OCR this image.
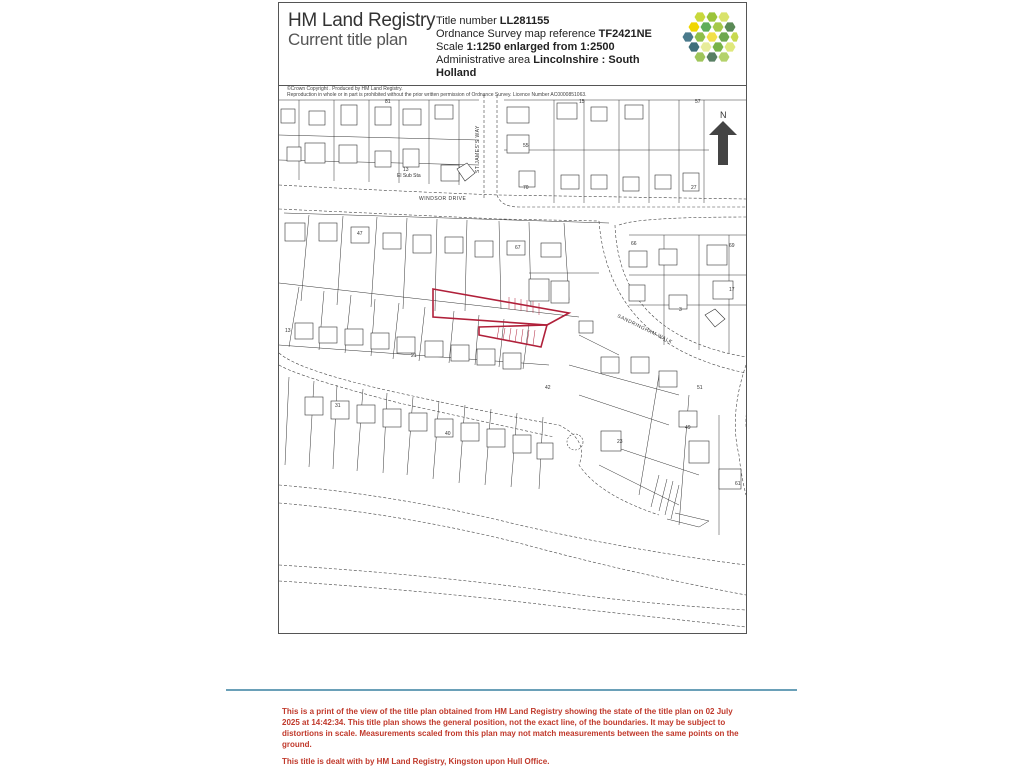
HM Land Registry
Current title plan
Title number LL281155
Ordnance Survey map reference TF2421NE
Scale 1:1250 enlarged from 1:2500
Administrative area Lincolnshire : South Holland
©Crown Copyright . Produced by HM Land Registry.
Reproduction in whole or in part is prohibited without the prior written permission of Ordnance Survey. Licence Number AC0000851063.
WINDSOR DRIVE
ST JAMES'S WAY
SANDRINGHAM WALK
El Sub Sta
81	15	57
55
27
13
47
67
70
66	69
17
3
13
21
31
42
40
23
51
49
61
N
This is a print of the view of the title plan obtained from HM Land Registry showing the state of the title plan on 02 July 2025 at 14:42:34. This title plan shows the general position, not the exact line, of the boundaries. It may be subject to distortions in scale. Measurements scaled from this plan may not match measurements between the same points on the ground.
This title is dealt with by HM Land Registry, Kingston upon Hull Office.
